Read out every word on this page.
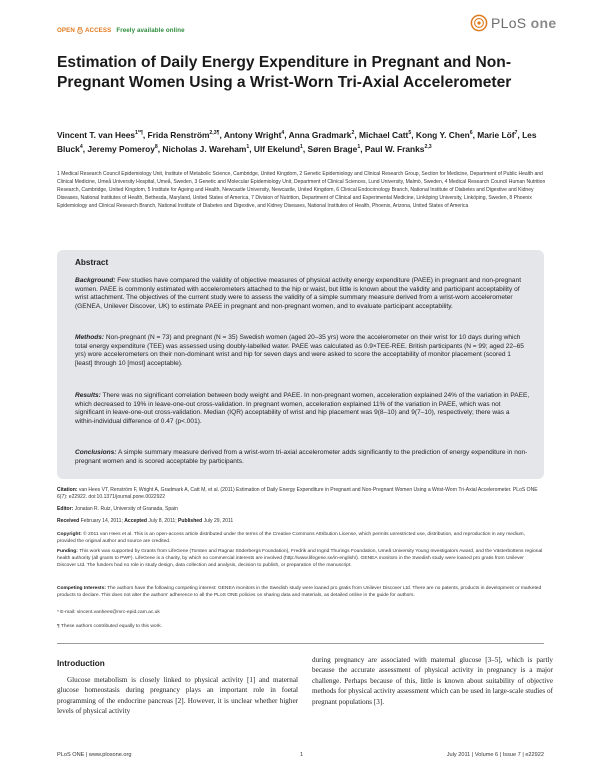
OPEN ACCESS Freely available online	PLoS one
Estimation of Daily Energy Expenditure in Pregnant and Non-Pregnant Women Using a Wrist-Worn Tri-Axial Accelerometer
Vincent T. van Hees$^{1*\P}$, Frida Renström$^{2,3\P}$, Antony Wright$^4$, Anna Gradmark$^2$, Michael Catt$^5$, Kong Y. Chen$^6$, Marie Löf$^7$, Les Bluck$^4$, Jeremy Pomeroy$^8$, Nicholas J. Wareham$^1$, Ulf Ekelund$^1$, Søren Brage$^1$, Paul W. Franks$^{2,3}$
1 Medical Research Council Epidemiology Unit, Institute of Metabolic Science, Cambridge, United Kingdom, 2 Genetic Epidemiology and Clinical Research Group, Section for Medicine, Department of Public Health and Clinical Medicine, Umeå University Hospital, Umeå, Sweden, 3 Genetic and Molecular Epidemiology Unit, Department of Clinical Sciences, Lund University, Malmö, Sweden, 4 Medical Research Council Human Nutrition Research, Cambridge, United Kingdom, 5 Institute for Ageing and Health, Newcastle University, Newcastle, United Kingdom, 6 Clinical Endocrinology Branch, National Institute of Diabetes and Digestive and Kidney Diseases, National Institutes of Health, Bethesda, Maryland, United States of America, 7 Division of Nutrition, Department of Clinical and Experimental Medicine, Linköping University, Linköping, Sweden, 8 Phoenix Epidemiology and Clinical Research Branch, National Institute of Diabetes and Digestive, and Kidney Diseases, National Institutes of Health, Phoenix, Arizona, United States of America
Abstract

Background: Few studies have compared the validity of objective measures of physical activity energy expenditure (PAEE) in pregnant and non-pregnant women. PAEE is commonly estimated with accelerometers attached to the hip or waist, but little is known about the validity and participant acceptability of wrist attachment. The objectives of the current study were to assess the validity of a simple summary measure derived from a wrist-worn accelerometer (GENEA, Unilever Discover, UK) to estimate PAEE in pregnant and non-pregnant women, and to evaluate participant acceptability.

Methods: Non-pregnant (N = 73) and pregnant (N = 35) Swedish women (aged 20–35 yrs) wore the accelerometer on their wrist for 10 days during which total energy expenditure (TEE) was assessed using doubly-labelled water. PAEE was calculated as 0.9×TEE-REE. British participants (N = 99; aged 22–65 yrs) wore accelerometers on their non-dominant wrist and hip for seven days and were asked to score the acceptability of monitor placement (scored 1 [least] through 10 [most] acceptable).

Results: There was no significant correlation between body weight and PAEE. In non-pregnant women, acceleration explained 24% of the variation in PAEE, which decreased to 19% in leave-one-out cross-validation. In pregnant women, acceleration explained 11% of the variation in PAEE, which was not significant in leave-one-out cross-validation. Median (IQR) acceptability of wrist and hip placement was 9(8–10) and 9(7–10), respectively; there was a within-individual difference of 0.47 (p<.001).

Conclusions: A simple summary measure derived from a wrist-worn tri-axial accelerometer adds significantly to the prediction of energy expenditure in non-pregnant women and is scored acceptable by participants.

Citation: van Hees VT, Renström F, Wright A, Gradmark A, Catt M, et al. (2011) Estimation of Daily Energy Expenditure in Pregnant and Non-Pregnant Women Using a Wrist-Worn Tri-Axial Accelerometer. PLoS ONE 6(7): e22922. doi:10.1371/journal.pone.0022922

Editor: Jonatan R. Ruiz, University of Granada, Spain

Received February 14, 2011; Accepted July 8, 2011; Published July 29, 2011

Copyright: © 2011 van Hees et al. This is an open-access article distributed under the terms of the Creative Commons Attribution License, which permits unrestricted use, distribution, and reproduction in any medium, provided the original author and source are credited.

Funding: This work was supported by Grants from LifeGene (Torsten and Ragnar Söderbergs Foundation), Fredrik and Ingrid Thurings Foundation, Umeå University Young Investigators Award, and the Västerbottens regional health authority (all grants to PWF). LifeGene is a charity, by which no commercial interests are involved (http://www.lifegene.se/in-english/). GENEA monitors in the Swedish study were loaned pro gratis from Unilever Discover Ltd. The funders had no role in study design, data collection and analysis, decision to publish, or preparation of the manuscript.

Competing Interests: The authors have the following competing interest: GENEA monitors in the Swedish study were loaned pro gratis from Unilever Discover Ltd. There are no patents, products in development or marketed products to declare. This does not alter the authors' adherence to all the PLoS ONE policies on sharing data and materials, as detailed online in the guide for authors.

* E-mail: vincent.vanhees@mrc-epid.cam.ac.uk

¶ These authors contributed equally to this work.

Introduction

Glucose metabolism is closely linked to physical activity [1] and maternal glucose homeostasis during pregnancy plays an important role in foetal programming of the endocrine pancreas [2]. However, it is unclear whether higher levels of physical activity

during pregnancy are associated with maternal glucose [3–5], which is partly because the accurate assessment of physical activity in pregnancy is a major challenge. Perhaps because of this, little is known about suitability of objective methods for physical activity assessment which can be used in large-scale studies of pregnant populations [3].

PLoS ONE | www.plosone.org	1	July 2011 | Volume 6 | Issue 7 | e22922
